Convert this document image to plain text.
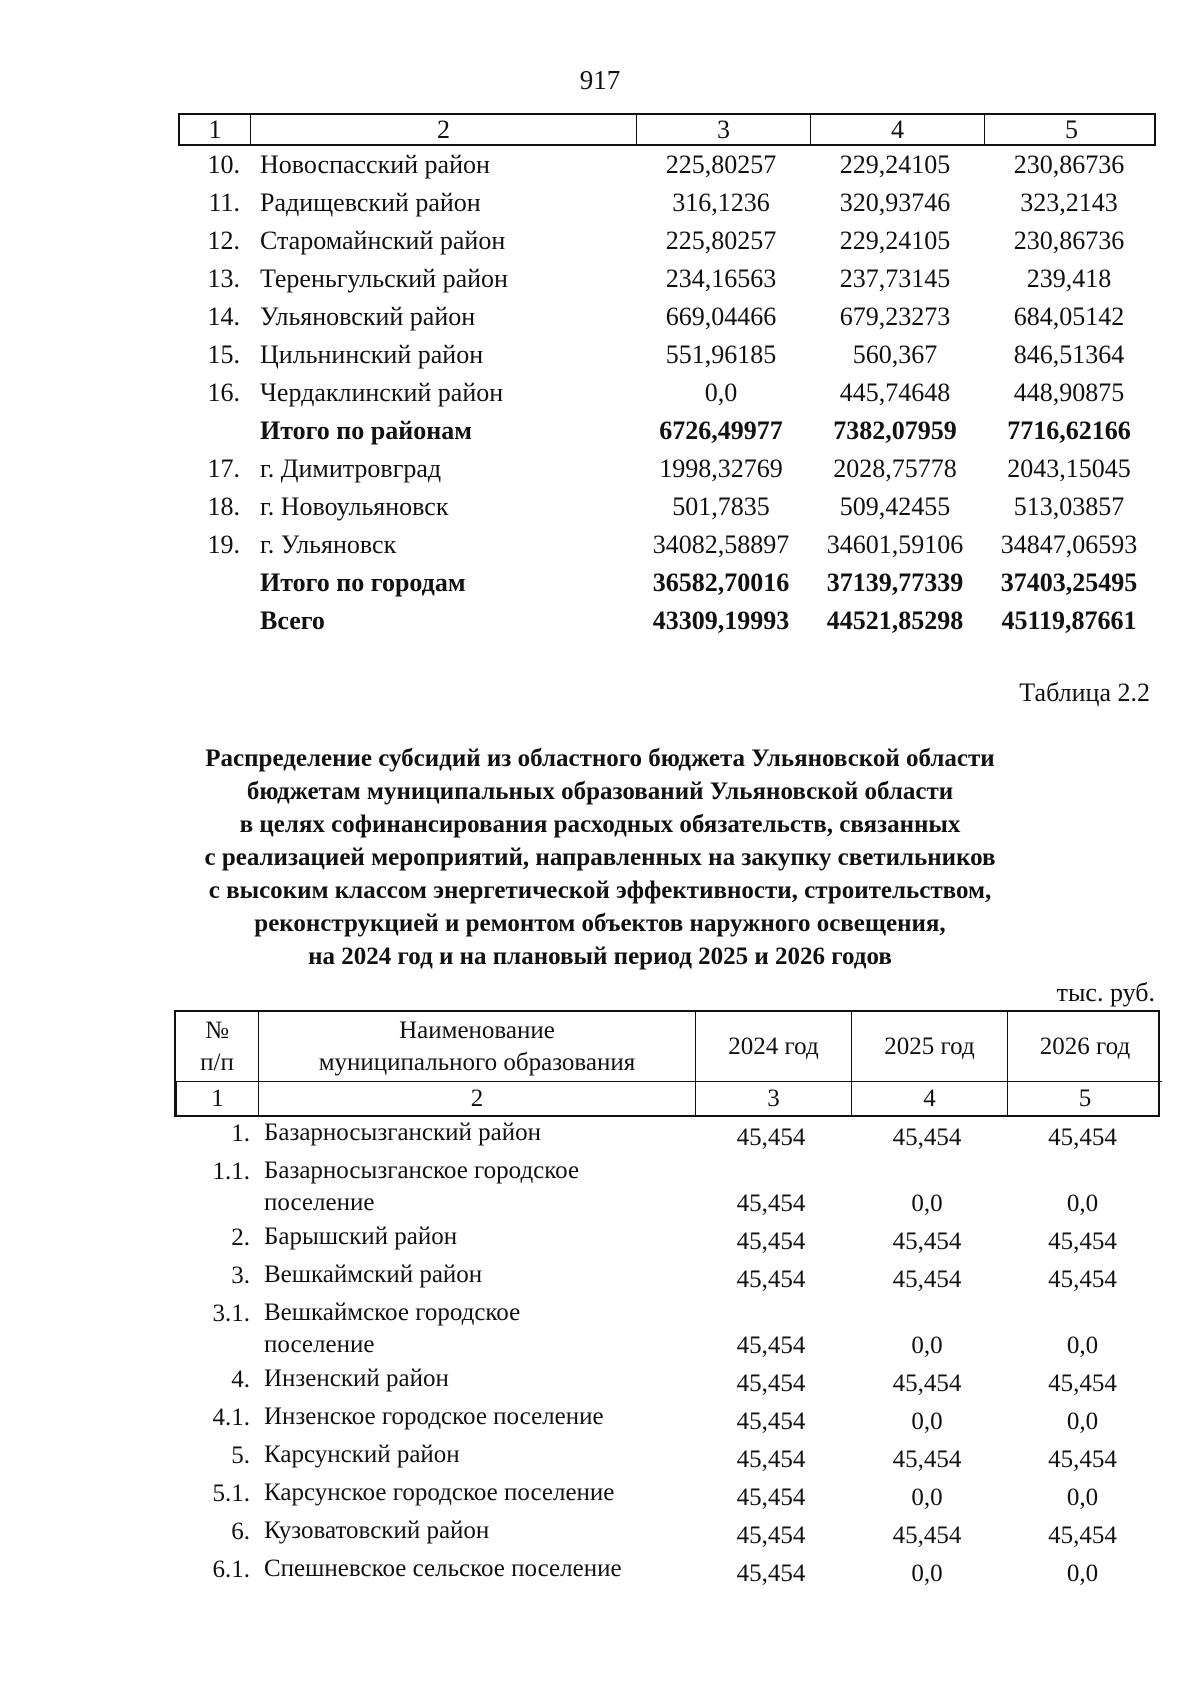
917
1	2	3	4	5
10. Новоспасский район	225,80257	229,24105	230,86736
11. Радищевский район	316,1236	320,93746	323,2143
12. Старомайнский район	225,80257	229,24105	230,86736
13. Тереньгульский район	234,16563	237,73145	239,418
14. Ульяновский район	669,04466	679,23273	684,05142
15. Цильнинский район	551,96185	560,367	846,51364
16. Чердаклинский район	0,0	445,74648	448,90875
Итого по районам	6726,49977	7382,07959	7716,62166
17. г. Димитровград	1998,32769	2028,75778	2043,15045
18. г. Новоульяновск	501,7835	509,42455	513,03857
19. г. Ульяновск	34082,58897	34601,59106	34847,06593
Итого по городам	36582,70016	37139,77339	37403,25495
Всего	43309,19993	44521,85298	45119,87661
Таблица 2.2
Распределение субсидий из областного бюджета Ульяновской области
бюджетам муниципальных образований Ульяновской области
в целях софинансирования расходных обязательств, связанных
с реализацией мероприятий, направленных на закупку светильников
с высоким классом энергетической эффективности, строительством,
реконструкцией и ремонтом объектов наружного освещения,
на 2024 год и на плановый период 2025 и 2026 годов
тыс. руб.
№
п/п
Наименование
муниципального образования
2024 год	2025 год	2026 год
1	2	3	4	5
1. Базарносызганский район	45,454	45,454	45,454
1.1. Базарносызганское городское
поселение	45,454	0,0	0,0
2. Барышский район	45,454	45,454	45,454
3. Вешкаймский район	45,454	45,454	45,454
3.1. Вешкаймское городское
поселение	45,454	0,0	0,0
4. Инзенский район	45,454	45,454	45,454
4.1. Инзенское городское поселение	45,454	0,0	0,0
5. Карсунский район	45,454	45,454	45,454
5.1. Карсунское городское поселение	45,454	0,0	0,0
6. Кузоватовский район	45,454	45,454	45,454
6.1. Спешневское сельское поселение	45,454	0,0	0,0
